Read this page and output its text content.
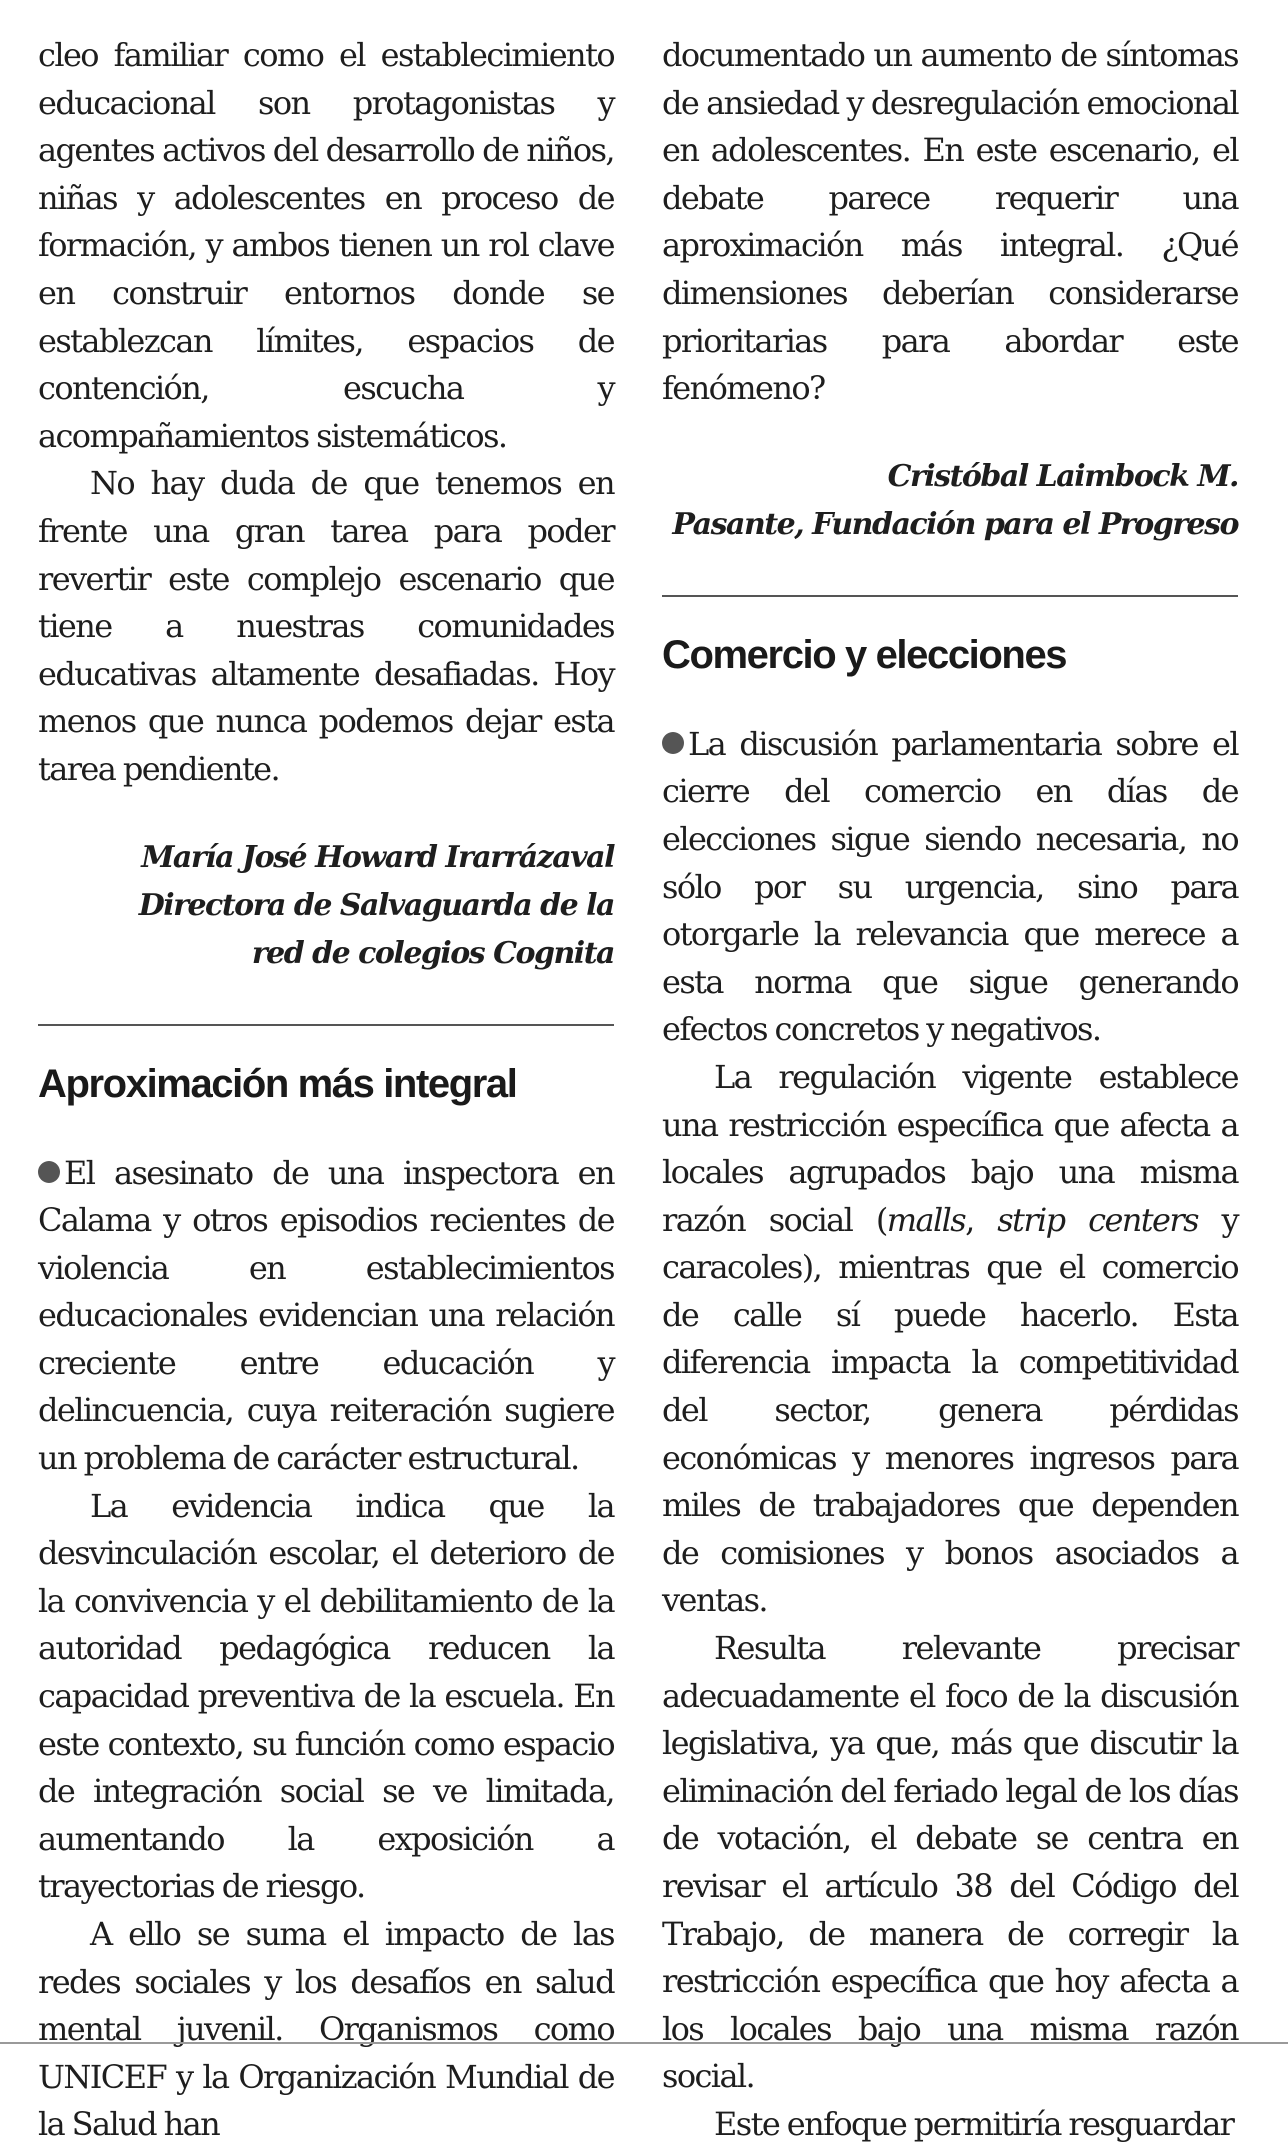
cleo familiar como el establecimiento educacional son protagonistas y agentes activos del desarrollo de niños, niñas y adolescentes en proceso de formación, y ambos tienen un rol clave en construir entornos donde se establezcan límites, espacios de contención, escucha y acompañamientos sistemáticos.

No hay duda de que tenemos en frente una gran tarea para poder revertir este complejo escenario que tiene a nuestras comunidades educativas altamente desafiadas. Hoy menos que nunca podemos dejar esta tarea pendiente.

María José Howard Irarrázaval
Directora de Salvaguarda de la
red de colegios Cognita
Aproximación más integral

El asesinato de una inspectora en Calama y otros episodios recientes de violencia en establecimientos educacionales evidencian una relación creciente entre educación y delincuencia, cuya reiteración sugiere un problema de carácter estructural.

La evidencia indica que la desvinculación escolar, el deterioro de la convivencia y el debilitamiento de la autoridad pedagógica reducen la capacidad preventiva de la escuela. En este contexto, su función como espacio de integración social se ve limitada, aumentando la exposición a trayectorias de riesgo.

A ello se suma el impacto de las redes sociales y los desafíos en salud mental juvenil. Organismos como UNICEF y la Organización Mundial de la Salud han

documentado un aumento de síntomas de ansiedad y desregulación emocional en adolescentes. En este escenario, el debate parece requerir una aproximación más integral. ¿Qué dimensiones deberían considerarse prioritarias para abordar este fenómeno?

Cristóbal Laimbock M.
Pasante, Fundación para el Progreso
Comercio y elecciones

La discusión parlamentaria sobre el cierre del comercio en días de elecciones sigue siendo necesaria, no sólo por su urgencia, sino para otorgarle la relevancia que merece a esta norma que sigue generando efectos concretos y negativos.

La regulación vigente establece una restricción específica que afecta a locales agrupados bajo una misma razón social (malls, strip centers y caracoles), mientras que el comercio de calle sí puede hacerlo. Esta diferencia impacta la competitividad del sector, genera pérdidas económicas y menores ingresos para miles de trabajadores que dependen de comisiones y bonos asociados a ventas.

Resulta relevante precisar adecuadamente el foco de la discusión legislativa, ya que, más que discutir la eliminación del feriado legal de los días de votación, el debate se centra en revisar el artículo 38 del Código del Trabajo, de manera de corregir la restricción específica que hoy afecta a los locales bajo una misma razón social.

Este enfoque permitiría resguardar
